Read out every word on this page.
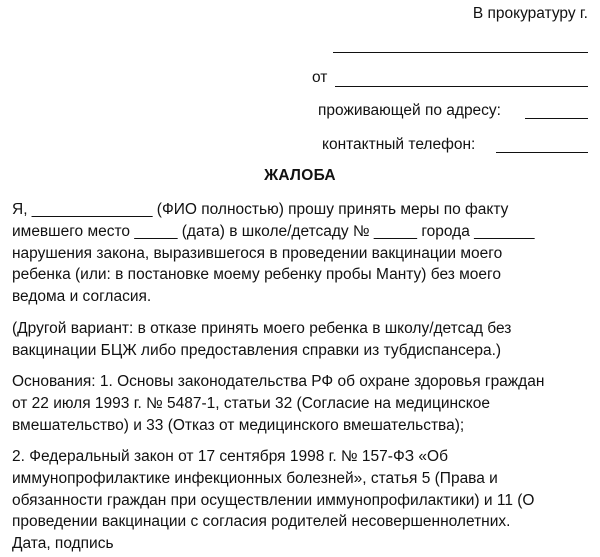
В прокуратуру г.
от
проживающей по адресу:
контактный телефон:
ЖАЛОБА
Я, ______________ (ФИО полностью) прошу принять меры по факту
имевшего место _____ (дата) в школе/детсаду № _____ города _______
нарушения закона, выразившегося в проведении вакцинации моего
ребенка (или: в постановке моему ребенку пробы Манту) без моего
ведома и согласия.
(Другой вариант: в отказе принять моего ребенка в школу/детсад без
вакцинации БЦЖ либо предоставления справки из тубдиспансера.)
Основания: 1. Основы законодательства РФ об охране здоровья граждан
от 22 июля 1993 г. № 5487-1, статьи 32 (Согласие на медицинское
вмешательство) и 33 (Отказ от медицинского вмешательства);
2. Федеральный закон от 17 сентября 1998 г. № 157-ФЗ «Об
иммунопрофилактике инфекционных болезней», статья 5 (Права и
обязанности граждан при осуществлении иммунопрофилактики) и 11 (О
проведении вакцинации с согласия родителей несовершеннолетних.
Дата, подпись
